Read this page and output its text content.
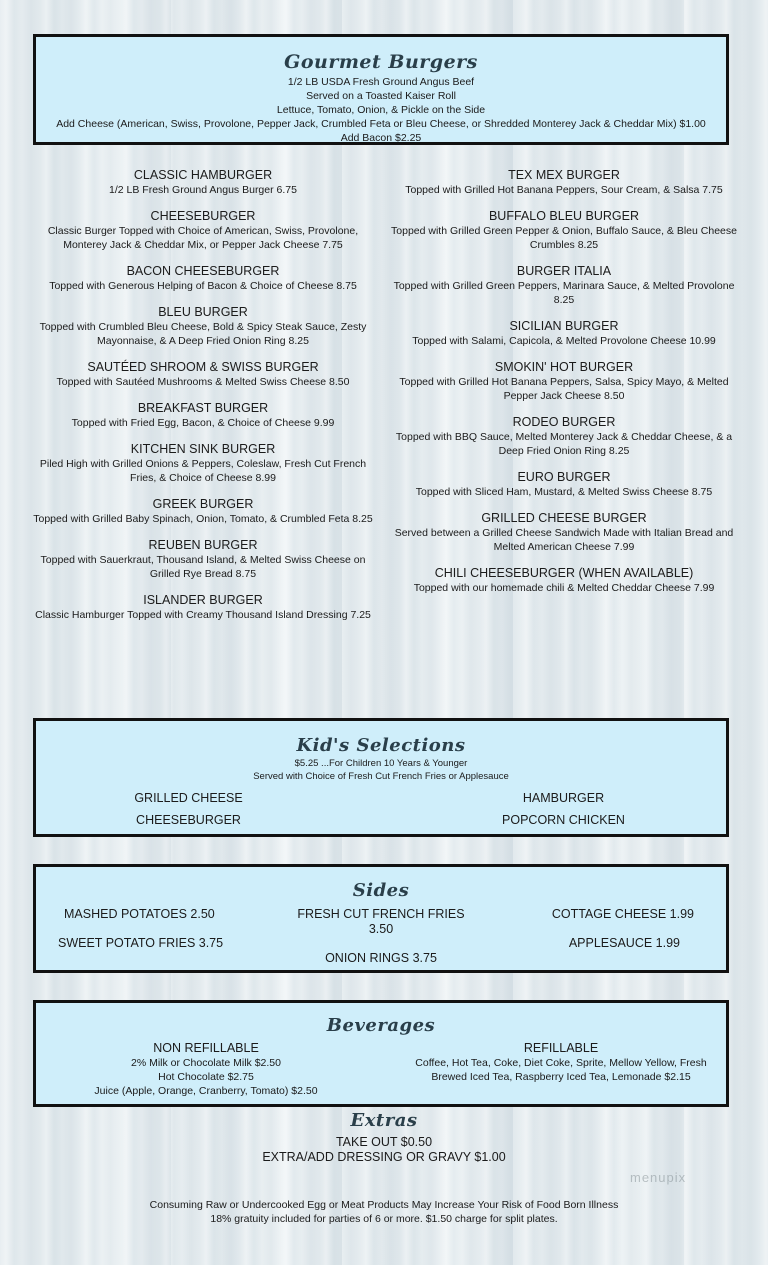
Gourmet Burgers
1/2 LB USDA Fresh Ground Angus Beef
Served on a Toasted Kaiser Roll
Lettuce, Tomato, Onion, & Pickle on the Side
Add Cheese (American, Swiss, Provolone, Pepper Jack, Crumbled Feta or Bleu Cheese, or Shredded Monterey Jack & Cheddar Mix) $1.00
Add Bacon $2.25
CLASSIC HAMBURGER
1/2 LB Fresh Ground Angus Burger 6.75
CHEESEBURGER
Classic Burger Topped with Choice of American, Swiss, Provolone, Monterey Jack & Cheddar Mix, or Pepper Jack Cheese 7.75
BACON CHEESEBURGER
Topped with Generous Helping of Bacon & Choice of Cheese 8.75
BLEU BURGER
Topped with Crumbled Bleu Cheese, Bold & Spicy Steak Sauce, Zesty Mayonnaise, & A Deep Fried Onion Ring 8.25
SAUTÉED SHROOM & SWISS BURGER
Topped with Sautéed Mushrooms & Melted Swiss Cheese 8.50
BREAKFAST BURGER
Topped with Fried Egg, Bacon, & Choice of Cheese 9.99
KITCHEN SINK BURGER
Piled High with Grilled Onions & Peppers, Coleslaw, Fresh Cut French Fries, & Choice of Cheese 8.99
GREEK BURGER
Topped with Grilled Baby Spinach, Onion, Tomato, & Crumbled Feta 8.25
REUBEN BURGER
Topped with Sauerkraut, Thousand Island, & Melted Swiss Cheese on Grilled Rye Bread 8.75
ISLANDER BURGER
Classic Hamburger Topped with Creamy Thousand Island Dressing 7.25
TEX MEX BURGER
Topped with Grilled Hot Banana Peppers, Sour Cream, & Salsa 7.75
BUFFALO BLEU BURGER
Topped with Grilled Green Pepper & Onion, Buffalo Sauce, & Bleu Cheese Crumbles 8.25
BURGER ITALIA
Topped with Grilled Green Peppers, Marinara Sauce, & Melted Provolone 8.25
SICILIAN BURGER
Topped with Salami, Capicola, & Melted Provolone Cheese 10.99
SMOKIN' HOT BURGER
Topped with Grilled Hot Banana Peppers, Salsa, Spicy Mayo, & Melted Pepper Jack Cheese 8.50
RODEO BURGER
Topped with BBQ Sauce, Melted Monterey Jack & Cheddar Cheese, & a Deep Fried Onion Ring 8.25
EURO BURGER
Topped with Sliced Ham, Mustard, & Melted Swiss Cheese 8.75
GRILLED CHEESE BURGER
Served between a Grilled Cheese Sandwich Made with Italian Bread and Melted American Cheese 7.99
CHILI CHEESEBURGER (WHEN AVAILABLE)
Topped with our homemade chili & Melted Cheddar Cheese 7.99
Kid's Selections
$5.25 ...For Children 10 Years & Younger
Served with Choice of Fresh Cut French Fries or Applesauce
GRILLED CHEESE	HAMBURGER
CHEESEBURGER	POPCORN CHICKEN
Sides
MASHED POTATOES 2.50	FRESH CUT FRENCH FRIES
3.50
COTTAGE CHEESE 1.99
SWEET POTATO FRIES 3.75	APPLESAUCE 1.99
ONION RINGS 3.75
Beverages
NON REFILLABLE
2% Milk or Chocolate Milk $2.50
Hot Chocolate $2.75
Juice (Apple, Orange, Cranberry, Tomato) $2.50
REFILLABLE
Coffee, Hot Tea, Coke, Diet Coke, Sprite, Mellow Yellow, Fresh
Brewed Iced Tea, Raspberry Iced Tea, Lemonade $2.15
Extras
TAKE OUT $0.50
EXTRA/ADD DRESSING OR GRAVY $1.00
menupix
Consuming Raw or Undercooked Egg or Meat Products May Increase Your Risk of Food Born Illness
18% gratuity included for parties of 6 or more. $1.50 charge for split plates.
